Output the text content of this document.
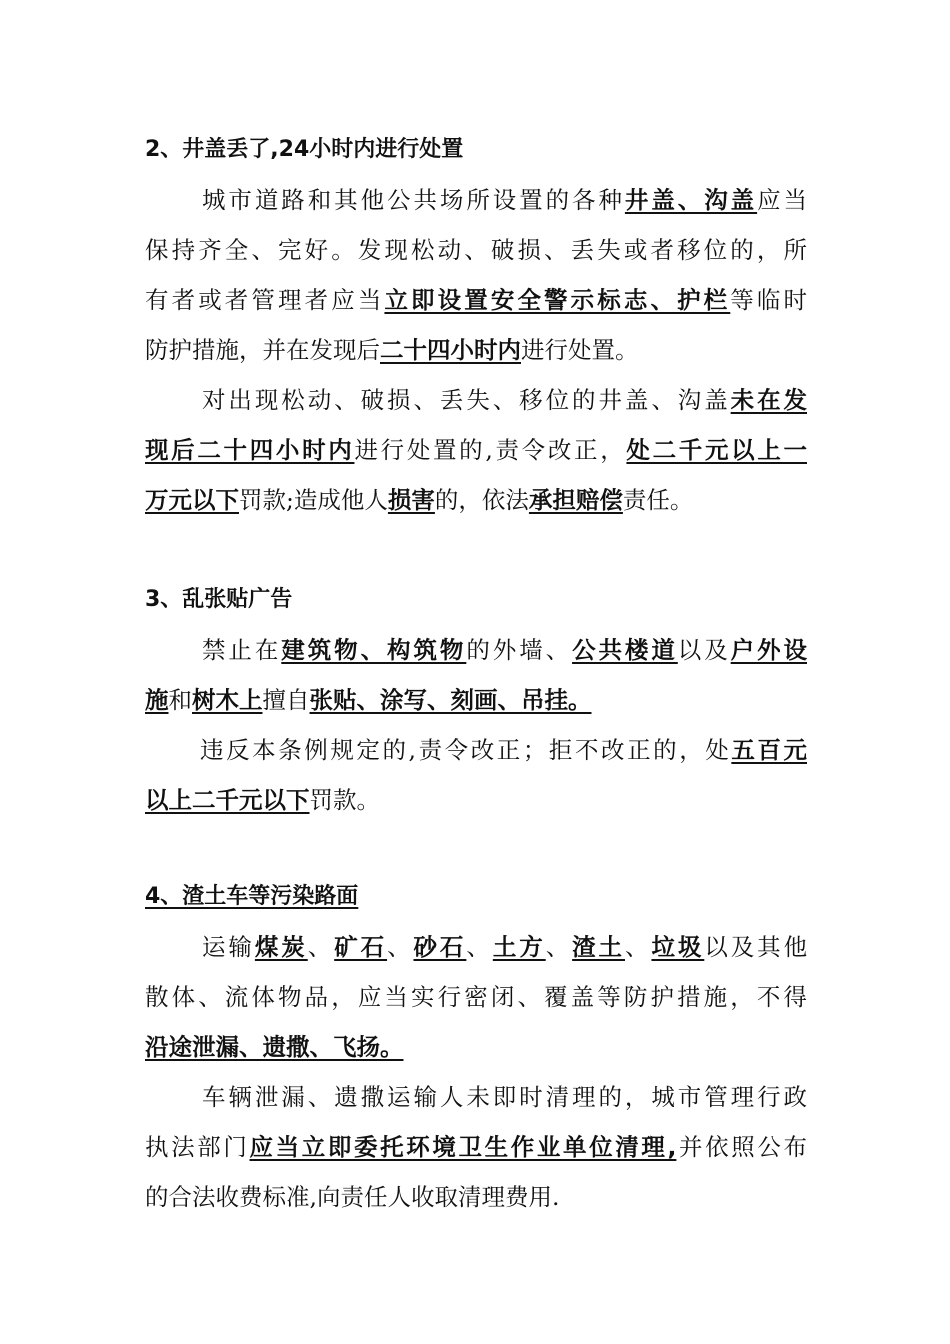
2、井盖丢了,24小时内进行处置
城市道路和其他公共场所设置的各种井盖、沟盖应当
保持齐全、完好。发现松动、破损、丢失或者移位的，所
有者或者管理者应当立即设置安全警示标志、护栏等临时
防护措施，并在发现后二十四小时内进行处置。
对出现松动、破损、丢失、移位的井盖、沟盖未在发
现后二十四小时内进行处置的,责令改正，处二千元以上一
万元以下罚款;造成他人损害的，依法承担赔偿责任。
3、乱张贴广告
禁止在建筑物、构筑物的外墙、公共楼道以及户外设
施和树木上擅自张贴、涂写、刻画、吊挂。
违反本条例规定的,责令改正；拒不改正的，处五百元
以上二千元以下罚款。
4、渣土车等污染路面
运输煤炭、矿石、砂石、土方、渣土、垃圾以及其他
散体、流体物品，应当实行密闭、覆盖等防护措施，不得
沿途泄漏、遗撒、飞扬。
车辆泄漏、遗撒运输人未即时清理的，城市管理行政
执法部门应当立即委托环境卫生作业单位清理,并依照公布
的合法收费标准,向责任人收取清理费用.
